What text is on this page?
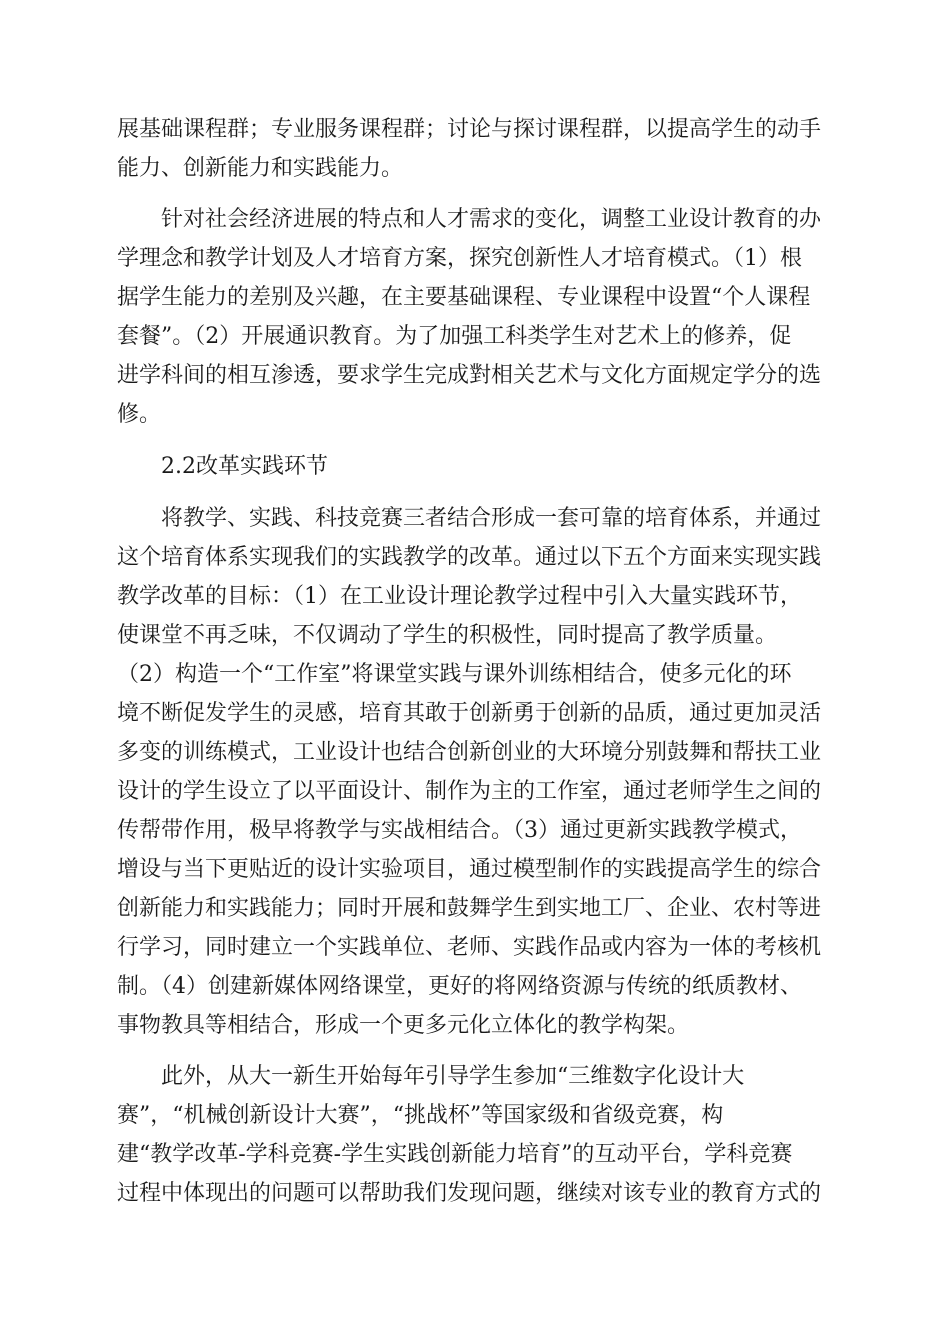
展基础课程群；专业服务课程群；讨论与探讨课程群，以提高学生的动手
能力、创新能力和实践能力。
针对社会经济进展的特点和人才需求的变化，调整工业设计教育的办
学理念和教学计划及人才培育方案，探究创新性人才培育模式。（1）根
据学生能力的差别及兴趣，在主要基础课程、专业课程中设置“个人课程
套餐”。（2）开展通识教育。为了加强工科类学生对艺术上的修养，促
进学科间的相互渗透，要求学生完成對相关艺术与文化方面规定学分的选
修。
2.2改革实践环节
将教学、实践、科技竞赛三者结合形成一套可靠的培育体系，并通过
这个培育体系实现我们的实践教学的改革。通过以下五个方面来实现实践
教学改革的目标：（1）在工业设计理论教学过程中引入大量实践环节，
使课堂不再乏味，不仅调动了学生的积极性，同时提高了教学质量。
（2）构造一个“工作室”将课堂实践与课外训练相结合，使多元化的环
境不断促发学生的灵感，培育其敢于创新勇于创新的品质，通过更加灵活
多变的训练模式，工业设计也结合创新创业的大环境分别鼓舞和帮扶工业
设计的学生设立了以平面设计、制作为主的工作室，通过老师学生之间的
传帮带作用，极早将教学与实战相结合。（3）通过更新实践教学模式，
增设与当下更贴近的设计实验项目，通过模型制作的实践提高学生的综合
创新能力和实践能力；同时开展和鼓舞学生到实地工厂、企业、农村等进
行学习，同时建立一个实践单位、老师、实践作品或内容为一体的考核机
制。（4）创建新媒体网络课堂，更好的将网络资源与传统的纸质教材、
事物教具等相结合，形成一个更多元化立体化的教学构架。
此外，从大一新生开始每年引导学生参加“三维数字化设计大
赛”，“机械创新设计大赛”，“挑战杯”等国家级和省级竞赛，构
建“教学改革-学科竞赛-学生实践创新能力培育”的互动平台，学科竞赛
过程中体现出的问题可以帮助我们发现问题，继续对该专业的教育方式的
